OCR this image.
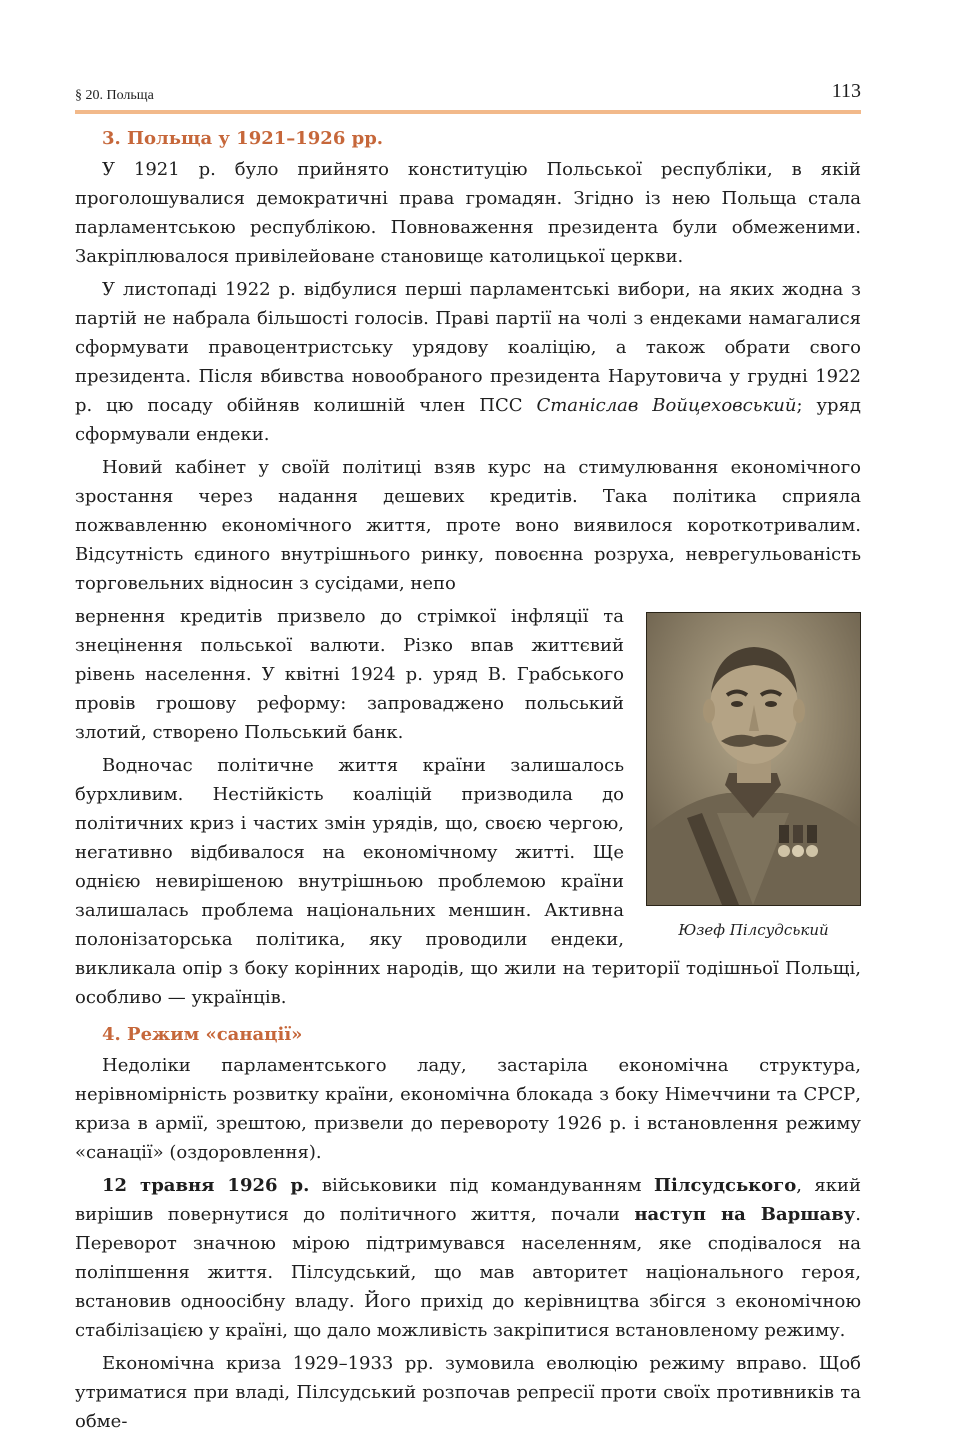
§ 20. Польща	113
3. Польща у 1921–1926 рр.

У 1921 р. було прийнято конституцію Польської республіки, в якій проголошувалися демократичні права громадян. Згідно із нею Польща стала парламентською республікою. Повноваження президента були обмеженими. Закріплювалося привілейоване становище католицької церкви.

У листопаді 1922 р. відбулися перші парламентські вибори, на яких жодна з партій не набрала більшості голосів. Праві партії на чолі з ендеками намагалися сформувати правоцентристську урядову коаліцію, а також обрати свого президента. Після вбивства новообраного президента Нарутовича у грудні 1922 р. цю посаду обійняв колишній член ПСС Станіслав Войцеховський; уряд сформували ендеки.

Новий кабінет у своїй політиці взяв курс на стимулювання економічного зростання через надання дешевих кредитів. Така політика сприяла пожвавленню економічного життя, проте воно виявилося короткотривалим. Відсутність єдиного внутрішнього ринку, повоєнна розруха, неврегульованість торговельних відносин з сусідами, непо

Юзеф Пілсудський

вернення кредитів призвело до стрімкої інфляції та знецінення польської валюти. Різко впав життєвий рівень населення. У квітні 1924 р. уряд В. Грабського провів грошову реформу: запроваджено польський злотий, створено Польський банк.

Водночас політичне життя країни залишалось бурхливим. Нестійкість коаліцій призводила до політичних криз і частих змін урядів, що, своєю чергою, негативно відбивалося на економічному житті. Ще однією невирішеною внутрішньою проблемою країни залишалась проблема національних меншин. Активна полонізаторська політика, яку проводили ендеки, викликала опір з боку корінних народів, що жили на території тодішньої Польщі, особливо — українців.

4. Режим «санації»

Недоліки парламентського ладу, застаріла економічна структура, нерівномірність розвитку країни, економічна блокада з боку Німеччини та СРСР, криза в армії, зрештою, призвели до перевороту 1926 р. і встановлення режиму «санації» (оздоровлення).

12 травня 1926 р. військовики під командуванням Пілсудського, який вирішив повернутися до політичного життя, почали наступ на Варшаву. Переворот значною мірою підтримувався населенням, яке сподівалося на поліпшення життя. Пілсудський, що мав авторитет національного героя, встановив одноосібну владу. Його прихід до керівництва збігся з економічною стабілізацією у країні, що дало можливість закріпитися встановленому режиму.

Економічна криза 1929–1933 рр. зумовила еволюцію режиму вправо. Щоб утриматися при владі, Пілсудський розпочав репресії проти своїх противників та обме-
